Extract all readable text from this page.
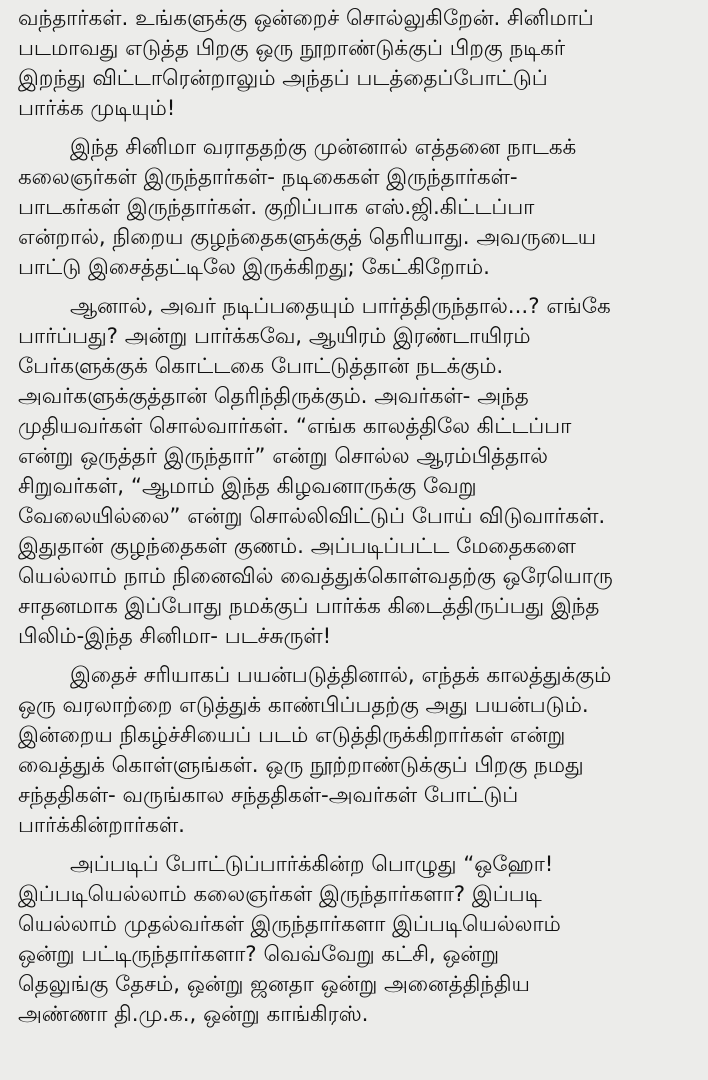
வந்தார்கள். உங்களுக்கு ஒன்றைச் சொல்லுகிறேன். சினிமாப்
படமாவது எடுத்த பிறகு ஒரு நூறாண்டுக்குப் பிறகு நடிகர்
இறந்து விட்டாரென்றாலும் அந்தப் படத்தைப்போட்டுப்
பார்க்க முடியும்!
இந்த சினிமா வராததற்கு முன்னால் எத்தனை நாடகக்
கலைஞர்கள் இருந்தார்கள்- நடிகைகள் இருந்தார்கள்-
பாடகர்கள் இருந்தார்கள். குறிப்பாக எஸ்.ஜி.கிட்டப்பா
என்றால், நிறைய குழந்தைகளுக்குத் தெரியாது. அவருடைய
பாட்டு இசைத்தட்டிலே இருக்கிறது; கேட்கிறோம்.
ஆனால், அவர் நடிப்பதையும் பார்த்திருந்தால்...? எங்கே
பார்ப்பது? அன்று பார்க்கவே, ஆயிரம் இரண்டாயிரம்
பேர்களுக்குக் கொட்டகை போட்டுத்தான் நடக்கும்.
அவர்களுக்குத்தான் தெரிந்திருக்கும். அவர்கள்- அந்த
முதியவர்கள் சொல்வார்கள். “எங்க காலத்திலே கிட்டப்பா
என்று ஒருத்தர் இருந்தார்” என்று சொல்ல ஆரம்பித்தால்
சிறுவர்கள், “ஆமாம் இந்த கிழவனாருக்கு வேறு
வேலையில்லை” என்று சொல்லிவிட்டுப் போய் விடுவார்கள்.
இதுதான் குழந்தைகள் குணம். அப்படிப்பட்ட மேதைகளை
யெல்லாம் நாம் நினைவில் வைத்துக்கொள்வதற்கு ஒரேயொரு
சாதனமாக இப்போது நமக்குப் பார்க்க கிடைத்திருப்பது இந்த
பிலிம்-இந்த சினிமா- படச்சுருள்!
இதைச் சரியாகப் பயன்படுத்தினால், எந்தக் காலத்துக்கும்
ஒரு வரலாற்றை எடுத்துக் காண்பிப்பதற்கு அது பயன்படும்.
இன்றைய நிகழ்ச்சியைப் படம் எடுத்திருக்கிறார்கள் என்று
வைத்துக் கொள்ளுங்கள். ஒரு நூற்றாண்டுக்குப் பிறகு நமது
சந்ததிகள்- வருங்கால சந்ததிகள்-அவர்கள் போட்டுப்
பார்க்கின்றார்கள்.
அப்படிப் போட்டுப்பார்க்கின்ற பொழுது “ஒஹோ!
இப்படியெல்லாம் கலைஞர்கள் இருந்தார்களா? இப்படி
யெல்லாம் முதல்வர்கள் இருந்தார்களா இப்படியெல்லாம்
ஒன்று பட்டிருந்தார்களா? வெவ்வேறு கட்சி, ஒன்று
தெலுங்கு தேசம், ஒன்று ஜனதா ஒன்று அனைத்திந்திய
அண்ணா தி.மு.க., ஒன்று காங்கிரஸ்.
